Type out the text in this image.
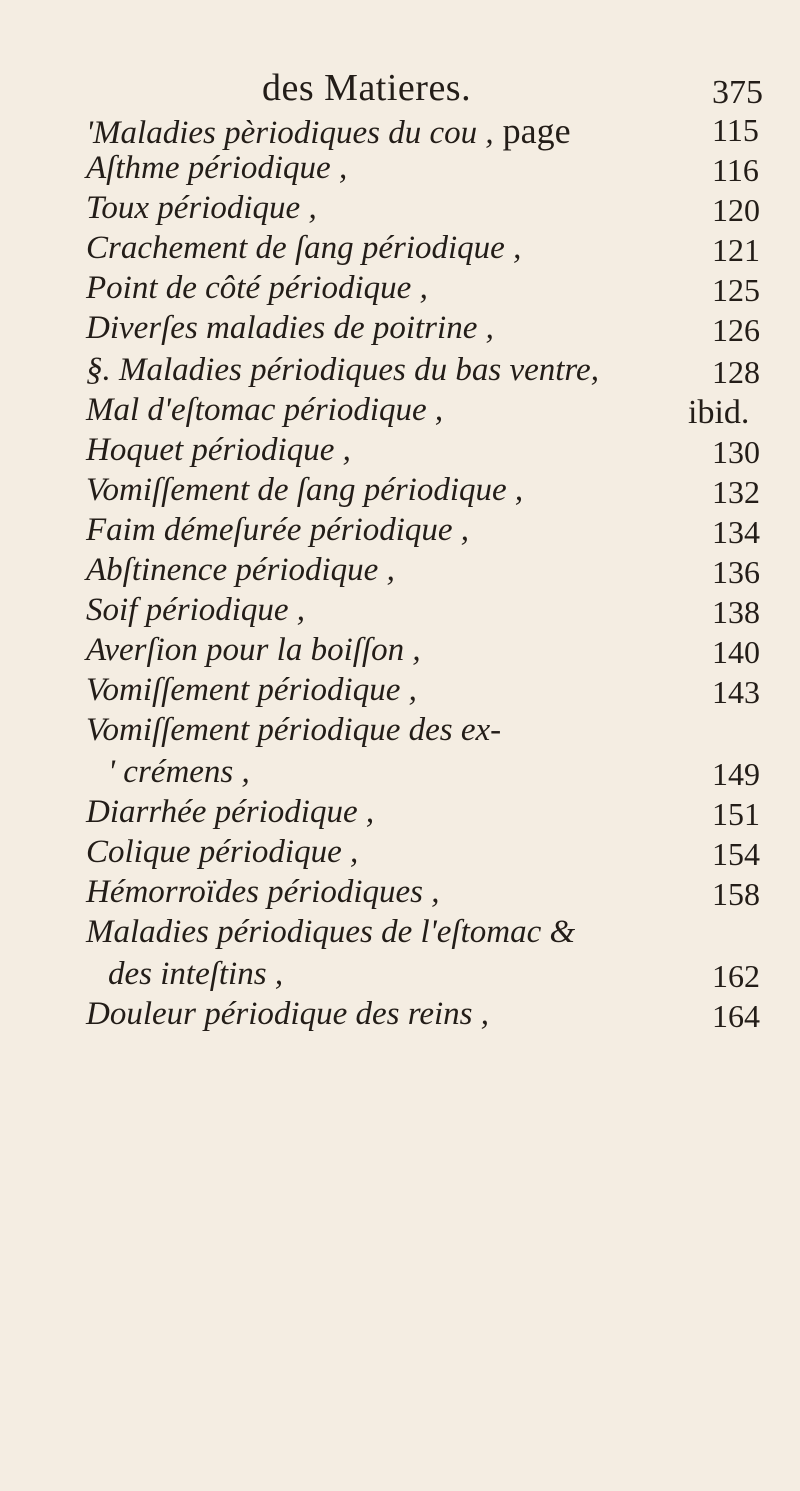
des Matieres.	375
'Maladies pèriodiques du cou , page	115
Aſthme périodique ,	116
Toux périodique ,	120
Crachement de ſang périodique ,	121
Point de côté périodique ,	125
Diverſes maladies de poitrine ,	126
§. Maladies périodiques du bas ventre,	128
Mal d'eſtomac périodique ,	ibid.
Hoquet périodique ,	130
Vomiſſement de ſang périodique ,	132
Faim démeſurée périodique ,	134
Abſtinence périodique ,	136
Soif périodique ,	138
Averſion pour la boiſſon ,	140
Vomiſſement périodique ,	143
Vomiſſement périodique des ex-
' crémens ,	149
Diarrhée périodique ,	151
Colique périodique ,	154
Hémorroïdes périodiques ,	158
Maladies périodiques de l'eſtomac &
des inteſtins ,	162
Douleur périodique des reins ,	164
